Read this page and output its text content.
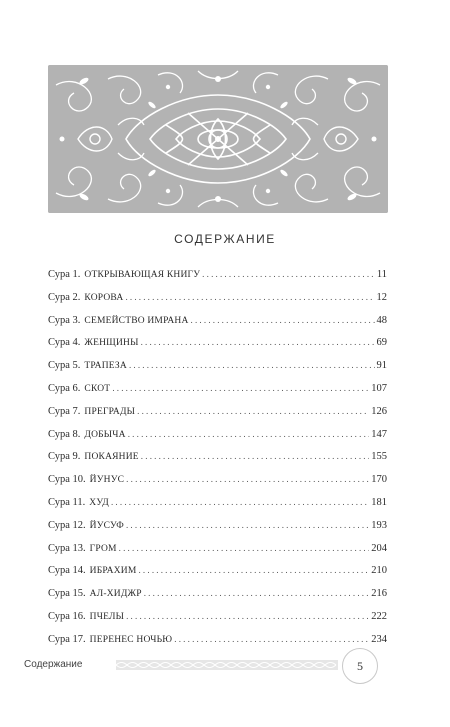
СОДЕРЖАНИЕ
Сура 1. ОТКРЫВАЮЩАЯ КНИГУ .....	11
Сура 2. КОРОВА .....	12
Сура 3. СЕМЕЙСТВО ИМРАНА .....	48
Сура 4. ЖЕНЩИНЫ .....	69
Сура 5. ТРАПЕЗА .....	91
Сура 6. СКОТ .....	107
Сура 7. ПРЕГРАДЫ .....	126
Сура 8. ДОБЫЧА .....	147
Сура 9. ПОКАЯНИЕ .....	155
Сура 10. ЙУНУС .....	170
Сура 11. ХУД .....	181
Сура 12. ЙУСУФ .....	193
Сура 13. ГРОМ .....	204
Сура 14. ИБРАХИМ .....	210
Сура 15. АЛ-ХИДЖР .....	216
Сура 16. ПЧЕЛЫ .....	222
Сура 17. ПЕРЕНЕС НОЧЬЮ .....	234
Содержание	5
